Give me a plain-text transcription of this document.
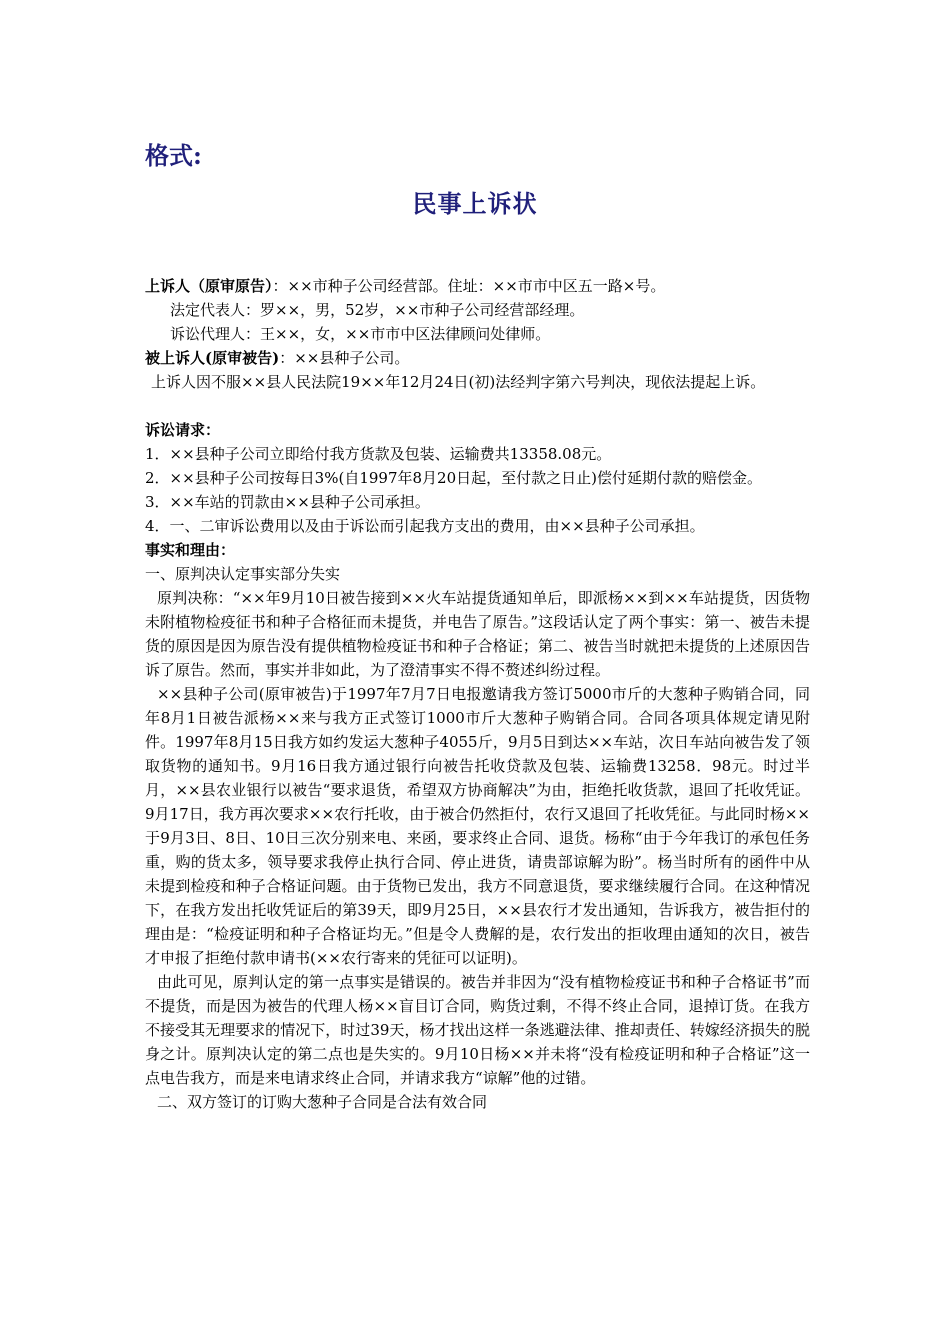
格式:
民事上诉状
上诉人（原审原告）：××市种子公司经营部。住址：××市市中区五一路×号。
法定代表人：罗××，男，52岁，××市种子公司经营部经理。
诉讼代理人：王××，女，××市市中区法律顾问处律师。
被上诉人(原审被告)：××县种子公司。
上诉人因不服××县人民法院19××年12月24日(初)法经判字第六号判决，现依法提起上诉。
诉讼请求：
1．××县种子公司立即给付我方货款及包装、运输费共13358.08元。
2．××县种子公司按每日3%(自1997年8月20日起，至付款之日止)偿付延期付款的赔偿金。
3．××车站的罚款由××县种子公司承担。
4．一、二审诉讼费用以及由于诉讼而引起我方支出的费用，由××县种子公司承担。
事实和理由：
一、原判决认定事实部分失实

原判决称：“××年9月10日被告接到××火车站提货通知单后，即派杨××到××车站提货，因货物未附植物检疫征书和种子合格征而未提货，并电告了原告。”这段话认定了两个事实：第一、被告未提货的原因是因为原告没有提供植物检疫证书和种子合格证；第二、被告当时就把未提货的上述原因告诉了原告。然而，事实并非如此，为了澄清事实不得不赘述纠纷过程。

××县种子公司(原审被告)于1997年7月7日电报邀请我方签订5000市斤的大葱种子购销合同，同年8月1日被告派杨××来与我方正式签订1000市斤大葱种子购销合同。合同各项具体规定请见附件。1997年8月15日我方如约发运大葱种子4055斤，9月5日到达××车站，次日车站向被告发了领取货物的通知书。9月16日我方通过银行向被告托收贷款及包装、运输费13258．98元。时过半月，××县农业银行以被告“要求退货，希望双方协商解决”为由，拒绝托收货款，退回了托收凭证。9月17日，我方再次要求××农行托收，由于被合仍然拒付，农行又退回了托收凭征。与此同时杨××于9月3日、8日、10日三次分别来电、来函，要求终止合同、退货。杨称“由于今年我订的承包任务重，购的货太多，领导要求我停止执行合同、停止进货，请贵部谅解为盼”。杨当时所有的函件中从未提到检疫和种子合格证问题。由于货物已发出，我方不同意退货，要求继续履行合同。在这种情况下，在我方发出托收凭证后的第39天，即9月25日，××县农行才发出通知，告诉我方，被告拒付的理由是：“检疫证明和种子合格证均无。”但是令人费解的是，农行发出的拒收理由通知的次日，被告才申报了拒绝付款申请书(××农行寄来的凭征可以证明)。

由此可见，原判认定的第一点事实是错误的。被告并非因为“没有植物检疫证书和种子合格证书”而不提货，而是因为被告的代理人杨××盲目订合同，购货过剩，不得不终止合同，退掉订货。在我方不接受其无理要求的情况下，时过39天，杨才找出这样一条逃避法律、推却责任、转嫁经济损失的脱身之计。原判决认定的第二点也是失实的。9月10日杨××并未将“没有检疫证明和种子合格证”这一点电告我方，而是来电请求终止合同，并请求我方“谅解”他的过错。

二、双方签订的订购大葱种子合同是合法有效合同
